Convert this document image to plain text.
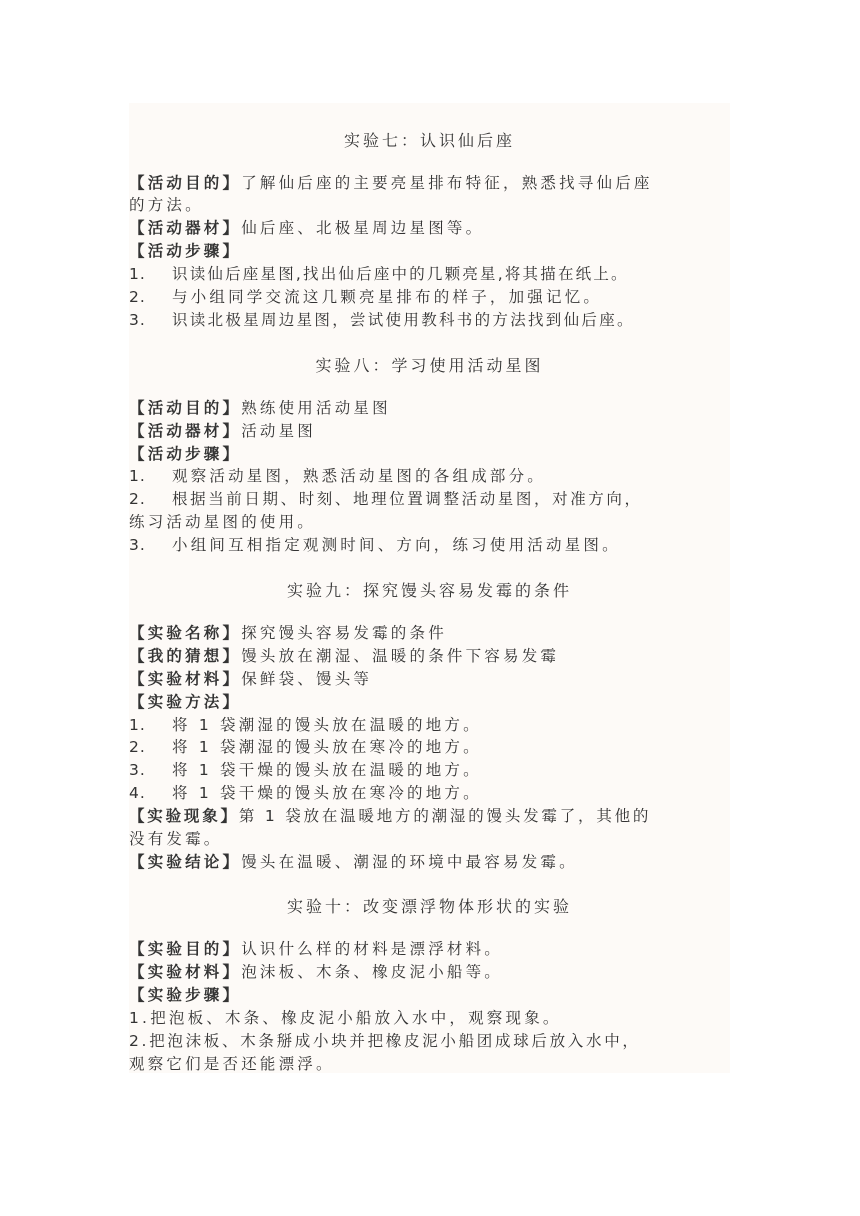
实验七：认识仙后座
【活动目的】了解仙后座的主要亮星排布特征，熟悉找寻仙后座
的方法。
【活动器材】仙后座、北极星周边星图等。
【活动步骤】
1. 识读仙后座星图,找出仙后座中的几颗亮星,将其描在纸上。
2. 与小组同学交流这几颗亮星排布的样子，加强记忆。
3. 识读北极星周边星图，尝试使用教科书的方法找到仙后座。
实验八：学习使用活动星图
【活动目的】熟练使用活动星图
【活动器材】活动星图
【活动步骤】
1. 观察活动星图，熟悉活动星图的各组成部分。
2. 根据当前日期、时刻、地理位置调整活动星图，对准方向，
练习活动星图的使用。
3. 小组间互相指定观测时间、方向，练习使用活动星图。
实验九：探究馒头容易发霉的条件
【实验名称】探究馒头容易发霉的条件
【我的猜想】馒头放在潮湿、温暖的条件下容易发霉
【实验材料】保鲜袋、馒头等
【实验方法】
1. 将 1 袋潮湿的馒头放在温暖的地方。
2. 将 1 袋潮湿的馒头放在寒冷的地方。
3. 将 1 袋干燥的馒头放在温暖的地方。
4. 将 1 袋干燥的馒头放在寒冷的地方。
【实验现象】第 1 袋放在温暖地方的潮湿的馒头发霉了，其他的
没有发霉。
【实验结论】馒头在温暖、潮湿的环境中最容易发霉。
实验十：改变漂浮物体形状的实验
【实验目的】认识什么样的材料是漂浮材料。
【实验材料】泡沫板、木条、橡皮泥小船等。
【实验步骤】
1.把泡板、木条、橡皮泥小船放入水中，观察现象。
2.把泡沫板、木条掰成小块并把橡皮泥小船团成球后放入水中，
观察它们是否还能漂浮。
